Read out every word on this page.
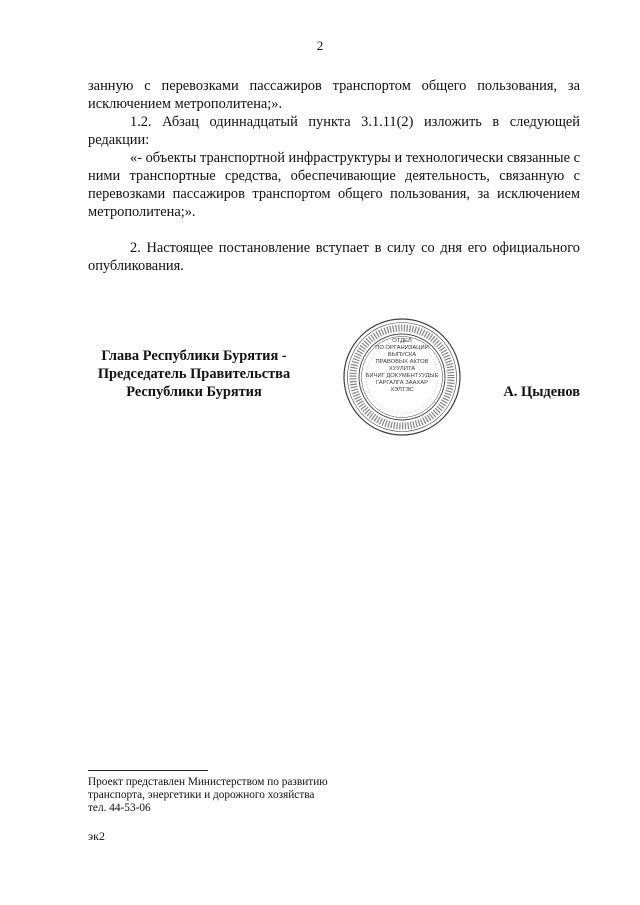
2

занную с перевозками пассажиров транспортом общего пользования, за исключением метрополитена;».

1.2. Абзац одиннадцатый пункта 3.1.11(2) изложить в следующей редакции:

«- объекты транспортной инфраструктуры и технологически связанные с ними транспортные средства, обеспечивающие деятельность, связанную с перевозками пассажиров транспортом общего пользования, за исключением метрополитена;».

2. Настоящее постановление вступает в силу со дня его официального опубликования.

Глава Республики Бурятия -
Председатель Правительства
Республики Бурятия
ОТДЕЛ
ПО ОРГАНИЗАЦИИ
ВЫПУСКА
ПРАВОВЫХ АКТОВ
ХУУЛИТА
БИЧИГ ДОКУМЕНТУУДЫЕ
ГАРГАЛГА ЗААХАР
ХЭЛТЭС	А. Цыденов
Проект представлен Министерством по развитию
транспорта, энергетики и дорожного хозяйства
тел. 44-53-06
эк2
